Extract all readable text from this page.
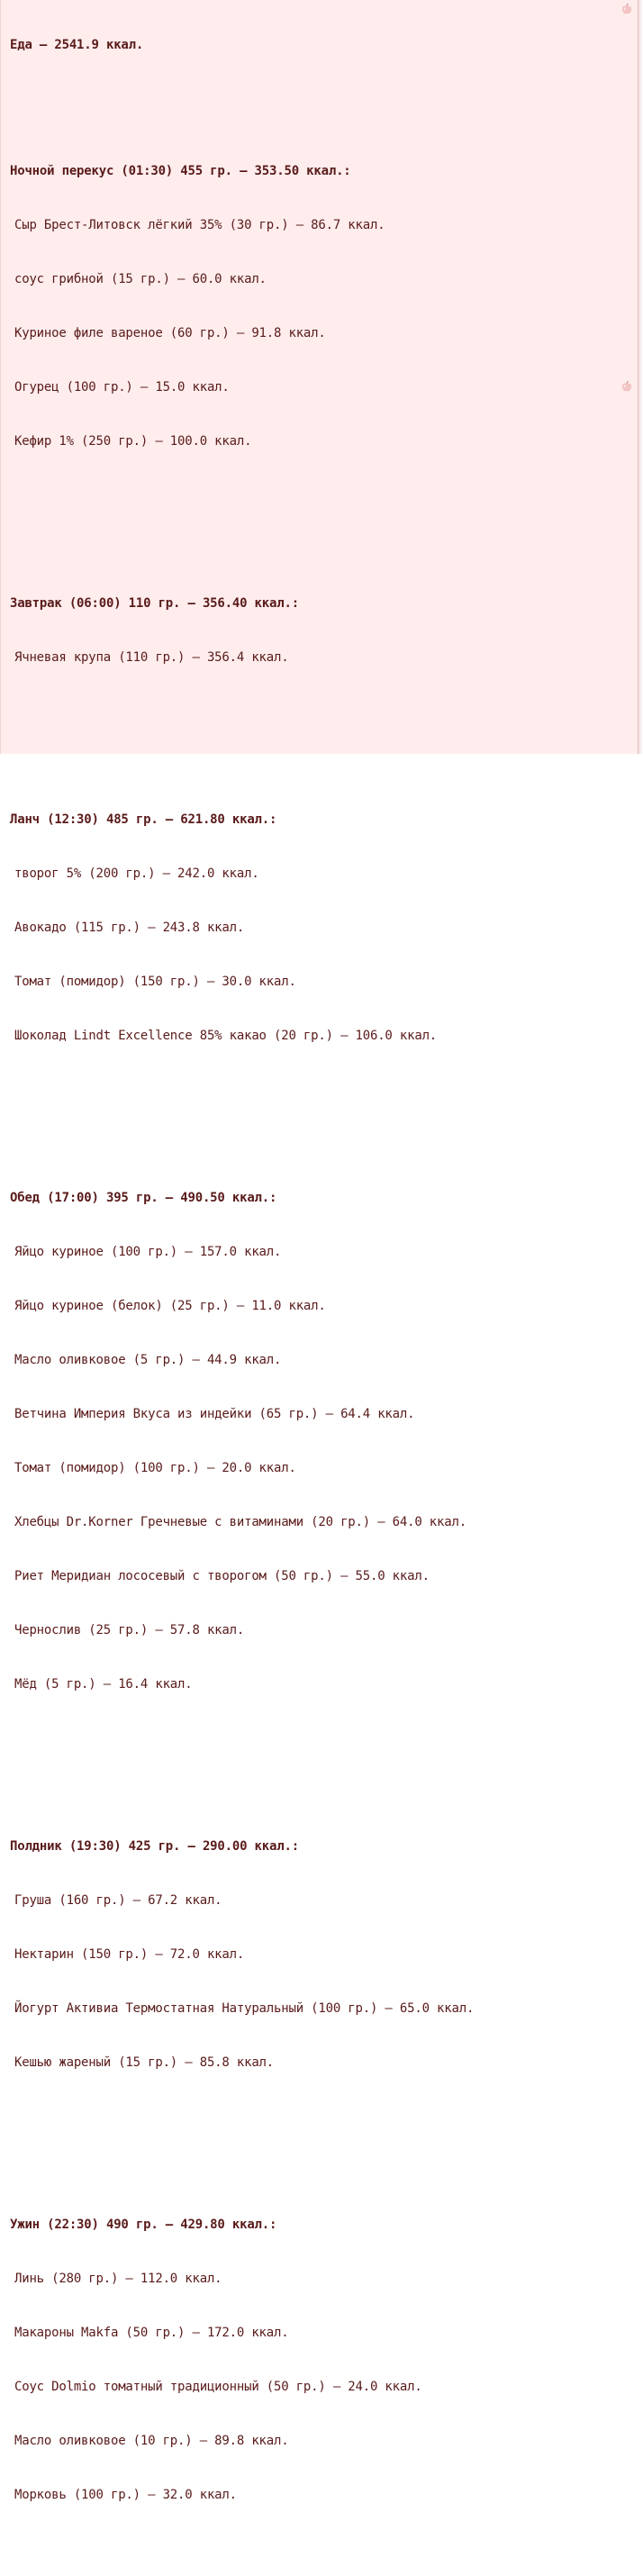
Еда — 2541.9 ккал.

Ночной перекус (01:30) 455 гр. — 353.50 ккал.:

Сыр Брест-Литовск лёгкий 35% (30 гр.) — 86.7 ккал.

соус грибной (15 гр.) — 60.0 ккал.

Куриное филе вареное (60 гр.) — 91.8 ккал.

Огурец (100 гр.) — 15.0 ккал.

Кефир 1% (250 гр.) — 100.0 ккал.

Завтрак (06:00) 110 гр. — 356.40 ккал.:

Ячневая крупа (110 гр.) — 356.4 ккал.

Ланч (12:30) 485 гр. — 621.80 ккал.:

творог 5% (200 гр.) — 242.0 ккал.

Авокадо (115 гр.) — 243.8 ккал.

Томат (помидор) (150 гр.) — 30.0 ккал.

Шоколад Lindt Excellence 85% какао (20 гр.) — 106.0 ккал.

Обед (17:00) 395 гр. — 490.50 ккал.:

Яйцо куриное (100 гр.) — 157.0 ккал.

Яйцо куриное (белок) (25 гр.) — 11.0 ккал.

Масло оливковое (5 гр.) — 44.9 ккал.

Ветчина Империя Вкуса из индейки (65 гр.) — 64.4 ккал.

Томат (помидор) (100 гр.) — 20.0 ккал.

Хлебцы Dr.Korner Гречневые с витаминами (20 гр.) — 64.0 ккал.

Риет Меридиан лососевый с творогом (50 гр.) — 55.0 ккал.

Чернослив (25 гр.) — 57.8 ккал.

Мёд (5 гр.) — 16.4 ккал.

Полдник (19:30) 425 гр. — 290.00 ккал.:

Груша (160 гр.) — 67.2 ккал.

Нектарин (150 гр.) — 72.0 ккал.

Йогурт Активиа Термостатная Натуральный (100 гр.) — 65.0 ккал.

Кешью жареный (15 гр.) — 85.8 ккал.

Ужин (22:30) 490 гр. — 429.80 ккал.:

Линь (280 гр.) — 112.0 ккал.

Макароны Makfa (50 гр.) — 172.0 ккал.

Соус Dolmio томатный традиционный (50 гр.) — 24.0 ккал.

Масло оливковое (10 гр.) — 89.8 ккал.

Морковь (100 гр.) — 32.0 ккал.
